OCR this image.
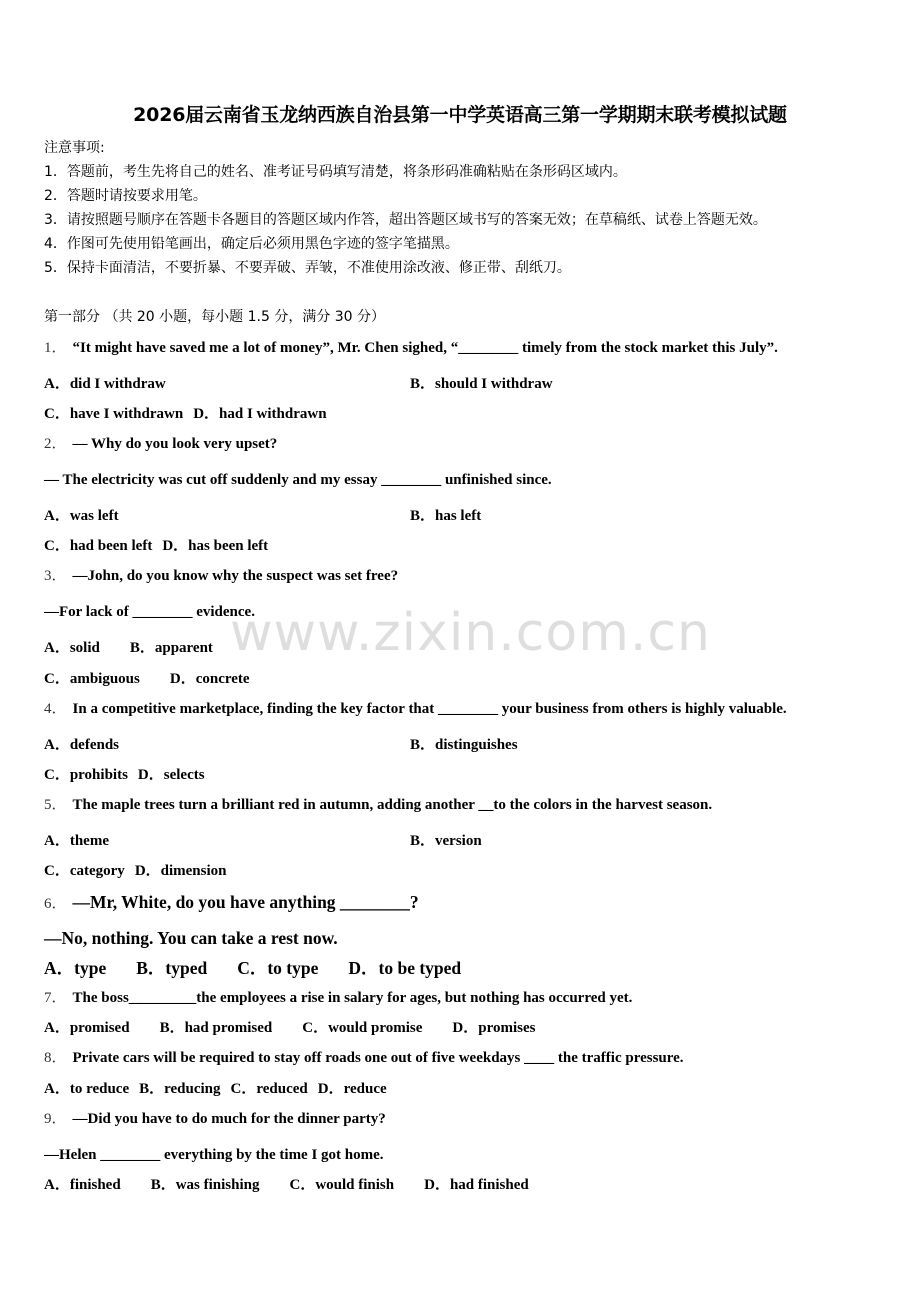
2026届云南省玉龙纳西族自治县第一中学英语高三第一学期期末联考模拟试题
注意事项:
1．答题前，考生先将自己的姓名、准考证号码填写清楚，将条形码准确粘贴在条形码区域内。
2．答题时请按要求用笔。
3．请按照题号顺序在答题卡各题目的答题区域内作答，超出答题区域书写的答案无效；在草稿纸、试卷上答题无效。
4．作图可先使用铅笔画出，确定后必须用黑色字迹的签字笔描黑。
5．保持卡面清洁，不要折暴、不要弄破、弄皱，不准使用涂改液、修正带、刮纸刀。
第一部分 （共 20 小题，每小题 1.5 分，满分 30 分）
1． “It might have saved me a lot of money”, Mr. Chen sighed, “________ timely from the stock market this July”.
A．did I withdraw	B．should I withdraw
C．have I withdrawn D．had I withdrawn
2． — Why do you look very upset?
— The electricity was cut off suddenly and my essay ________ unfinished since.
A．was left	B．has left
C．had been left D．has been left
3． —John, do you know why the suspect was set free?
—For lack of ________ evidence.
A．solid B．apparent
C．ambiguous D．concrete
4． In a competitive marketplace, finding the key factor that ________ your business from others is highly valuable.
A．defends	B．distinguishes
C．prohibits D．selects
5． The maple trees turn a brilliant red in autumn, adding another __to the colors in the harvest season.
A．theme	B．version
C．category D．dimension
6． —Mr, White, do you have anything ________?
—No, nothing. You can take a rest now.
A．type B．typed C．to type D．to be typed
7． The boss_________the employees a rise in salary for ages, but nothing has occurred yet.
A．promised B．had promised C．would promise D．promises
8． Private cars will be required to stay off roads one out of five weekdays ____ the traffic pressure.
A．to reduce B．reducing C．reduced D．reduce
9． —Did you have to do much for the dinner party?
—Helen ________ everything by the time I got home.
A．finished B．was finishing C．would finish D．had finished
www.zixin.com.cn
